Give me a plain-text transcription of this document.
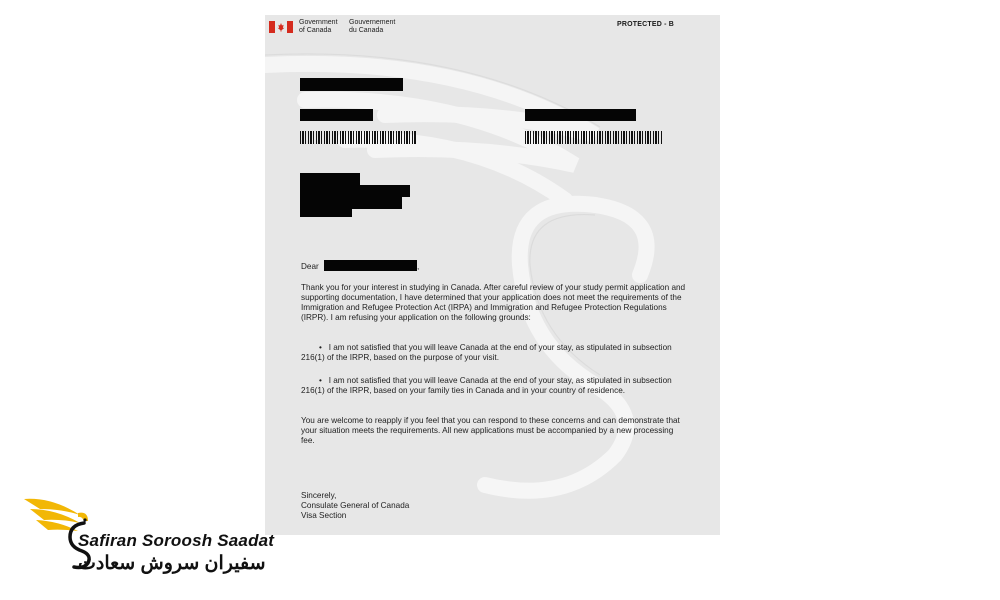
Government
of Canada
Gouvernement
du Canada
PROTECTED - B
Dear	,
Thank you for your interest in studying in Canada. After careful review of your study permit application and supporting documentation, I have determined that your application does not meet the requirements of the Immigration and Refugee Protection Act (IRPA) and Immigration and Refugee Protection Regulations (IRPR). I am refusing your application on the following grounds:
•   I am not satisfied that you will leave Canada at the end of your stay, as stipulated in subsection 216(1) of the IRPR, based on the purpose of your visit.
•   I am not satisfied that you will leave Canada at the end of your stay, as stipulated in subsection 216(1) of the IRPR, based on your family ties in Canada and in your country of residence.
You are welcome to reapply if you feel that you can respond to these concerns and can demonstrate that your situation meets the requirements. All new applications must be accompanied by a new processing fee.
Sincerely,
Consulate General of Canada
Visa Section
Safiran Soroosh Saadat
سفیران سروش سعادت
